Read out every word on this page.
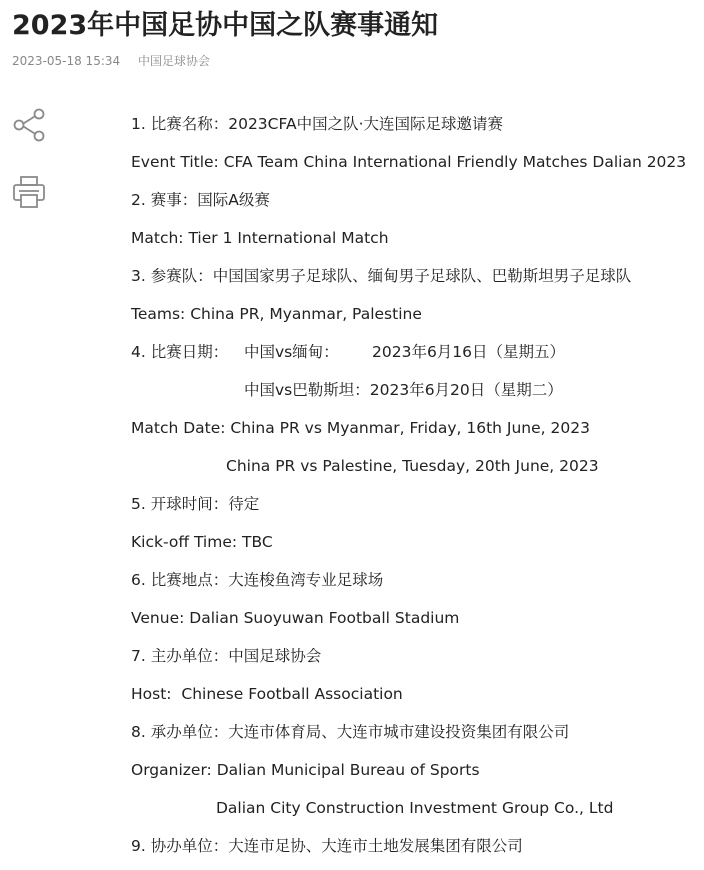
2023年中国足协中国之队赛事通知
2023-05-18 15:34 中国足球协会
1. 比赛名称：2023CFA中国之队·大连国际足球邀请赛
Event Title: CFA Team China International Friendly Matches Dalian 2023
2. 赛事：国际A级赛
Match: Tier 1 International Match
3. 参赛队：中国国家男子足球队、缅甸男子足球队、巴勒斯坦男子足球队
Teams: China PR, Myanmar, Palestine
4. 比赛日期： 中国vs缅甸： 2023年6月16日（星期五）
中国vs巴勒斯坦：2023年6月20日（星期二）
Match Date: China PR vs Myanmar, Friday, 16th June, 2023
China PR vs Palestine, Tuesday, 20th June, 2023
5. 开球时间：待定
Kick-off Time: TBC
6. 比赛地点：大连梭鱼湾专业足球场
Venue: Dalian Suoyuwan Football Stadium
7. 主办单位：中国足球协会
Host:  Chinese Football Association
8. 承办单位：大连市体育局、大连市城市建设投资集团有限公司
Organizer: Dalian Municipal Bureau of Sports
Dalian City Construction Investment Group Co., Ltd
9. 协办单位：大连市足协、大连市土地发展集团有限公司
